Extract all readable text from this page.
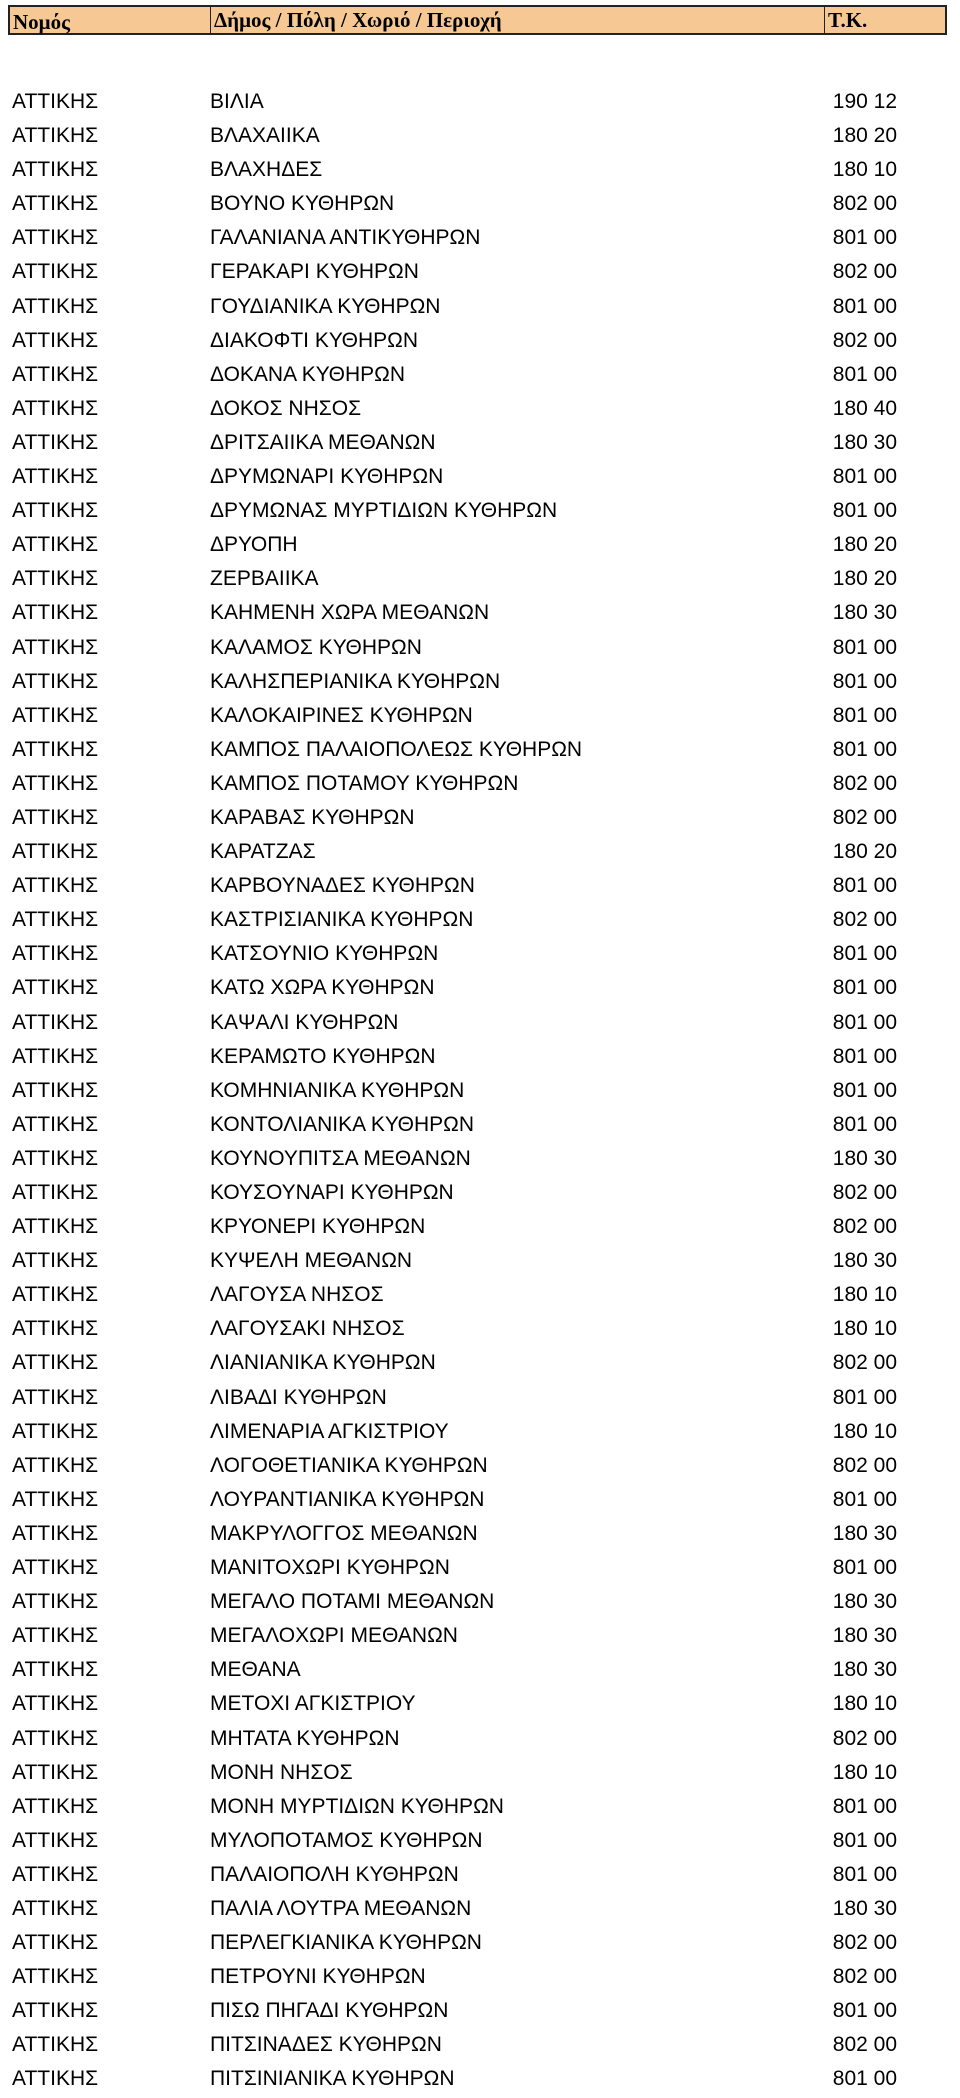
Νομός	Δήμος / Πόλη / Χωριό / Περιοχή	Τ.Κ.
ΑΤΤΙΚΗΣ	ΒΙΛΙΑ	190 12
ΑΤΤΙΚΗΣ	ΒΛΑΧΑΙΙΚΑ	180 20
ΑΤΤΙΚΗΣ	ΒΛΑΧΗΔΕΣ	180 10
ΑΤΤΙΚΗΣ	ΒΟΥΝΟ ΚΥΘΗΡΩΝ	802 00
ΑΤΤΙΚΗΣ	ΓΑΛΑΝΙΑΝΑ ΑΝΤΙΚΥΘΗΡΩΝ	801 00
ΑΤΤΙΚΗΣ	ΓΕΡΑΚΑΡΙ ΚΥΘΗΡΩΝ	802 00
ΑΤΤΙΚΗΣ	ΓΟΥΔΙΑΝΙΚΑ ΚΥΘΗΡΩΝ	801 00
ΑΤΤΙΚΗΣ	ΔΙΑΚΟΦΤΙ ΚΥΘΗΡΩΝ	802 00
ΑΤΤΙΚΗΣ	ΔΟΚΑΝΑ ΚΥΘΗΡΩΝ	801 00
ΑΤΤΙΚΗΣ	ΔΟΚΟΣ ΝΗΣΟΣ	180 40
ΑΤΤΙΚΗΣ	ΔΡΙΤΣΑΙΙΚΑ ΜΕΘΑΝΩΝ	180 30
ΑΤΤΙΚΗΣ	ΔΡΥΜΩΝΑΡΙ ΚΥΘΗΡΩΝ	801 00
ΑΤΤΙΚΗΣ	ΔΡΥΜΩΝΑΣ ΜΥΡΤΙΔΙΩΝ ΚΥΘΗΡΩΝ	801 00
ΑΤΤΙΚΗΣ	ΔΡΥΟΠΗ	180 20
ΑΤΤΙΚΗΣ	ΖΕΡΒΑΙΙΚΑ	180 20
ΑΤΤΙΚΗΣ	ΚΑΗΜΕΝΗ ΧΩΡΑ ΜΕΘΑΝΩΝ	180 30
ΑΤΤΙΚΗΣ	ΚΑΛΑΜΟΣ ΚΥΘΗΡΩΝ	801 00
ΑΤΤΙΚΗΣ	ΚΑΛΗΣΠΕΡΙΑΝΙΚΑ ΚΥΘΗΡΩΝ	801 00
ΑΤΤΙΚΗΣ	ΚΑΛΟΚΑΙΡΙΝΕΣ ΚΥΘΗΡΩΝ	801 00
ΑΤΤΙΚΗΣ	ΚΑΜΠΟΣ ΠΑΛΑΙΟΠΟΛΕΩΣ ΚΥΘΗΡΩΝ	801 00
ΑΤΤΙΚΗΣ	ΚΑΜΠΟΣ ΠΟΤΑΜΟΥ ΚΥΘΗΡΩΝ	802 00
ΑΤΤΙΚΗΣ	ΚΑΡΑΒΑΣ ΚΥΘΗΡΩΝ	802 00
ΑΤΤΙΚΗΣ	ΚΑΡΑΤΖΑΣ	180 20
ΑΤΤΙΚΗΣ	ΚΑΡΒΟΥΝΑΔΕΣ ΚΥΘΗΡΩΝ	801 00
ΑΤΤΙΚΗΣ	ΚΑΣΤΡΙΣΙΑΝΙΚΑ ΚΥΘΗΡΩΝ	802 00
ΑΤΤΙΚΗΣ	ΚΑΤΣΟΥΝΙΟ ΚΥΘΗΡΩΝ	801 00
ΑΤΤΙΚΗΣ	ΚΑΤΩ ΧΩΡΑ ΚΥΘΗΡΩΝ	801 00
ΑΤΤΙΚΗΣ	ΚΑΨΑΛΙ ΚΥΘΗΡΩΝ	801 00
ΑΤΤΙΚΗΣ	ΚΕΡΑΜΩΤΟ ΚΥΘΗΡΩΝ	801 00
ΑΤΤΙΚΗΣ	ΚΟΜΗΝΙΑΝΙΚΑ ΚΥΘΗΡΩΝ	801 00
ΑΤΤΙΚΗΣ	ΚΟΝΤΟΛΙΑΝΙΚΑ ΚΥΘΗΡΩΝ	801 00
ΑΤΤΙΚΗΣ	ΚΟΥΝΟΥΠΙΤΣΑ ΜΕΘΑΝΩΝ	180 30
ΑΤΤΙΚΗΣ	ΚΟΥΣΟΥΝΑΡΙ ΚΥΘΗΡΩΝ	802 00
ΑΤΤΙΚΗΣ	ΚΡΥΟΝΕΡΙ ΚΥΘΗΡΩΝ	802 00
ΑΤΤΙΚΗΣ	ΚΥΨΕΛΗ ΜΕΘΑΝΩΝ	180 30
ΑΤΤΙΚΗΣ	ΛΑΓΟΥΣΑ ΝΗΣΟΣ	180 10
ΑΤΤΙΚΗΣ	ΛΑΓΟΥΣΑΚΙ ΝΗΣΟΣ	180 10
ΑΤΤΙΚΗΣ	ΛΙΑΝΙΑΝΙΚΑ ΚΥΘΗΡΩΝ	802 00
ΑΤΤΙΚΗΣ	ΛΙΒΑΔΙ ΚΥΘΗΡΩΝ	801 00
ΑΤΤΙΚΗΣ	ΛΙΜΕΝΑΡΙΑ ΑΓΚΙΣΤΡΙΟΥ	180 10
ΑΤΤΙΚΗΣ	ΛΟΓΟΘΕΤΙΑΝΙΚΑ ΚΥΘΗΡΩΝ	802 00
ΑΤΤΙΚΗΣ	ΛΟΥΡΑΝΤΙΑΝΙΚΑ ΚΥΘΗΡΩΝ	801 00
ΑΤΤΙΚΗΣ	ΜΑΚΡΥΛΟΓΓΟΣ ΜΕΘΑΝΩΝ	180 30
ΑΤΤΙΚΗΣ	ΜΑΝΙΤΟΧΩΡΙ ΚΥΘΗΡΩΝ	801 00
ΑΤΤΙΚΗΣ	ΜΕΓΑΛΟ ΠΟΤΑΜΙ ΜΕΘΑΝΩΝ	180 30
ΑΤΤΙΚΗΣ	ΜΕΓΑΛΟΧΩΡΙ ΜΕΘΑΝΩΝ	180 30
ΑΤΤΙΚΗΣ	ΜΕΘΑΝΑ	180 30
ΑΤΤΙΚΗΣ	ΜΕΤΟΧΙ ΑΓΚΙΣΤΡΙΟΥ	180 10
ΑΤΤΙΚΗΣ	ΜΗΤΑΤΑ ΚΥΘΗΡΩΝ	802 00
ΑΤΤΙΚΗΣ	ΜΟΝΗ ΝΗΣΟΣ	180 10
ΑΤΤΙΚΗΣ	ΜΟΝΗ ΜΥΡΤΙΔΙΩΝ ΚΥΘΗΡΩΝ	801 00
ΑΤΤΙΚΗΣ	ΜΥΛΟΠΟΤΑΜΟΣ ΚΥΘΗΡΩΝ	801 00
ΑΤΤΙΚΗΣ	ΠΑΛΑΙΟΠΟΛΗ ΚΥΘΗΡΩΝ	801 00
ΑΤΤΙΚΗΣ	ΠΑΛΙΑ ΛΟΥΤΡΑ ΜΕΘΑΝΩΝ	180 30
ΑΤΤΙΚΗΣ	ΠΕΡΛΕΓΚΙΑΝΙΚΑ ΚΥΘΗΡΩΝ	802 00
ΑΤΤΙΚΗΣ	ΠΕΤΡΟΥΝΙ ΚΥΘΗΡΩΝ	802 00
ΑΤΤΙΚΗΣ	ΠΙΣΩ ΠΗΓΑΔΙ ΚΥΘΗΡΩΝ	801 00
ΑΤΤΙΚΗΣ	ΠΙΤΣΙΝΑΔΕΣ ΚΥΘΗΡΩΝ	802 00
ΑΤΤΙΚΗΣ	ΠΙΤΣΙΝΙΑΝΙΚΑ ΚΥΘΗΡΩΝ	801 00
